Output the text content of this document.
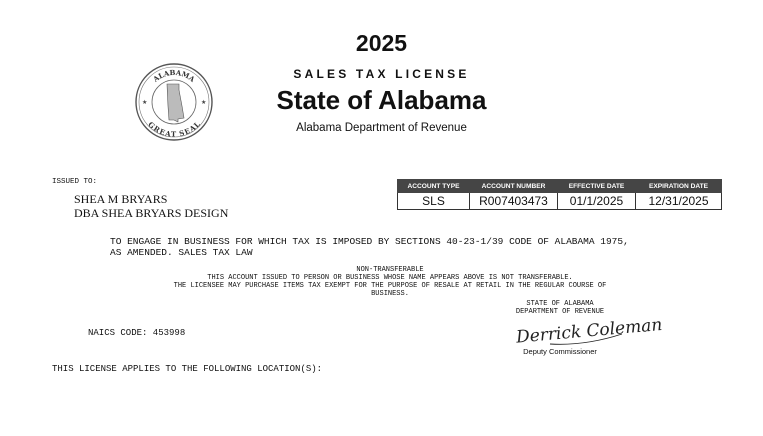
ALABAMA
GREAT SEAL
★	★
2025
SALES TAX LICENSE
State of Alabama
Alabama Department of Revenue
ISSUED TO:
SHEA M BRYARS
DBA SHEA BRYARS DESIGN
ACCOUNT TYPE	ACCOUNT NUMBER	EFFECTIVE DATE	EXPIRATION DATE
SLS	R007403473	01/1/2025	12/31/2025
TO ENGAGE IN BUSINESS FOR WHICH TAX IS IMPOSED BY SECTIONS 40-23-1/39 CODE OF ALABAMA 1975,
AS AMENDED. SALES TAX LAW
NON-TRANSFERABLE
THIS ACCOUNT ISSUED TO PERSON OR BUSINESS WHOSE NAME APPEARS ABOVE IS NOT TRANSFERABLE.
THE LICENSEE MAY PURCHASE ITEMS TAX EXEMPT FOR THE PURPOSE OF RESALE AT RETAIL IN THE REGULAR COURSE OF
BUSINESS.
STATE OF ALABAMA
DEPARTMENT OF REVENUE
Derrick Coleman
Deputy Commissioner
NAICS CODE: 453998
THIS LICENSE APPLIES TO THE FOLLOWING LOCATION(S):
